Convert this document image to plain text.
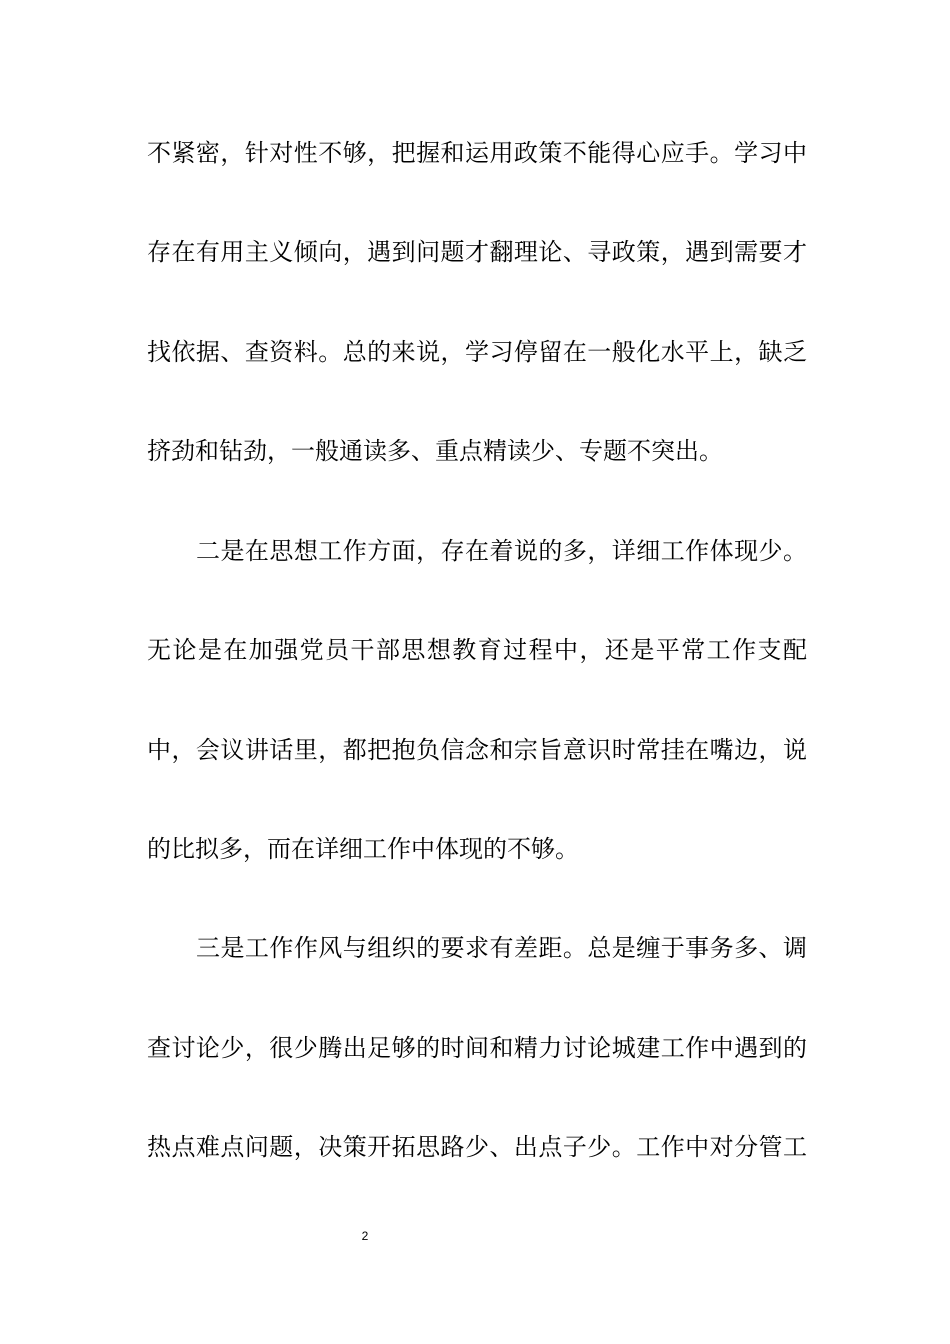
不紧密，针对性不够，把握和运用政策不能得心应手。学习中
存在有用主义倾向，遇到问题才翻理论、寻政策，遇到需要才
找依据、查资料。总的来说，学习停留在一般化水平上，缺乏
挤劲和钻劲，一般通读多、重点精读少、专题不突出。
二是在思想工作方面，存在着说的多，详细工作体现少。
无论是在加强党员干部思想教育过程中，还是平常工作支配
中，会议讲话里，都把抱负信念和宗旨意识时常挂在嘴边，说
的比拟多，而在详细工作中体现的不够。
三是工作作风与组织的要求有差距。总是缠于事务多、调
查讨论少，很少腾出足够的时间和精力讨论城建工作中遇到的
热点难点问题，决策开拓思路少、出点子少。工作中对分管工
2
